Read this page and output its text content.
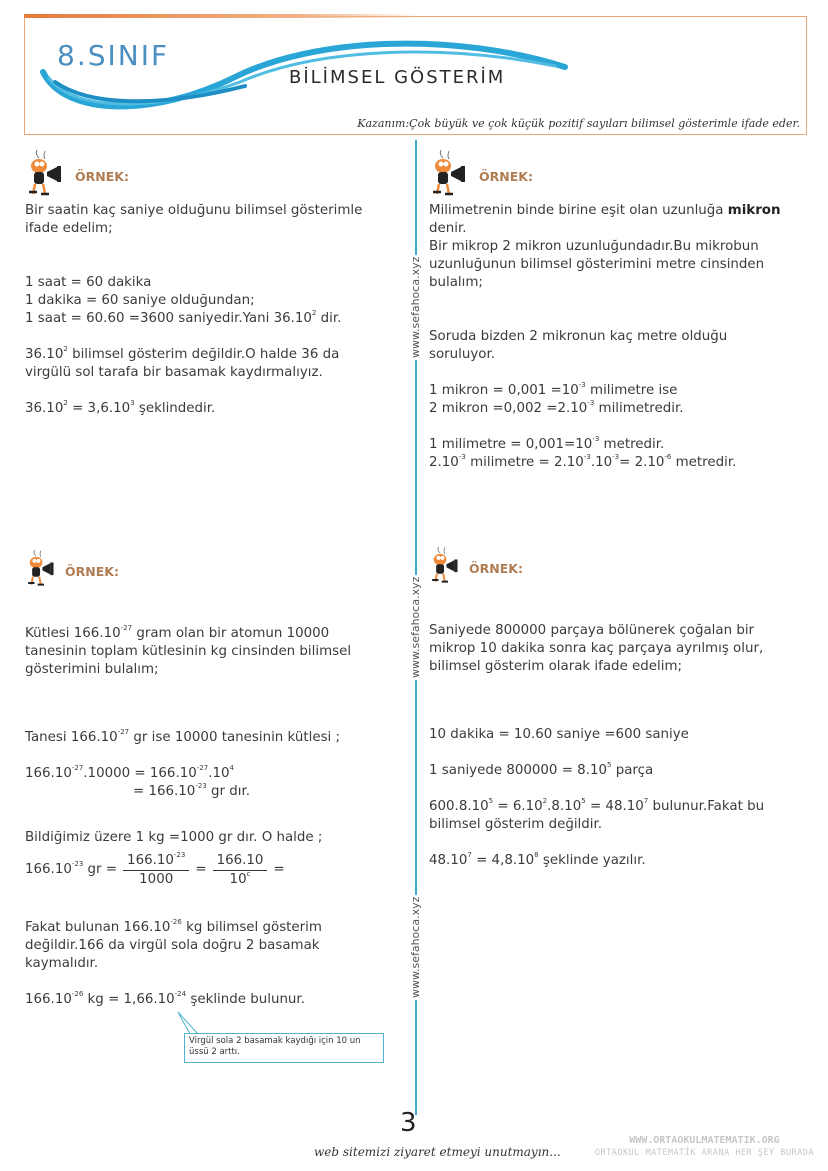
8.SINIF
BİLİMSEL GÖSTERİM
Kazanım:Çok büyük ve çok küçük pozitif sayıları bilimsel gösterimle ifade eder.
www.sefahoca.xyz
www.sefahoca.xyz
www.sefahoca.xyz
ÖRNEK:

Bir saatin kaç saniye olduğunu bilimsel gösterimle

ifade edelim;

1 saat = 60 dakika

1 dakika = 60 saniye olduğundan;

1 saat = 60.60 =3600 saniyedir.Yani 36.10$^2$ dir.

36.10$^2$ bilimsel gösterim değildir.O halde 36 da

virgülü sol tarafa bir basamak kaydırmalıyız.

$36.10^2 = 3,6.10^3$ şeklindedir.

ÖRNEK:

Milimetrenin binde birine eşit olan uzunluğa mikron

denir.

Bir mikrop 2 mikron uzunluğundadır.Bu mikrobun

uzunluğunun bilimsel gösterimini metre cinsinden

bulalım;

Soruda bizden 2 mikronun kaç metre olduğu

soruluyor.

1 mikron = $0,001 =10^{-3}$ milimetre ise

2 mikron $=0,002 =2.10^{-3}$ milimetredir.

1 milimetre = $0,001=10^{-3}$ metredir.

$2.10^{-3}$ milimetre = $2.10^{-3}.10^{-3}= 2.10^{-6}$ metredir.

ÖRNEK:

Kütlesi $166.10^{-27}$ gram olan bir atomun 10000

tanesinin toplam kütlesinin kg cinsinden bilimsel

gösterimini bulalım;

Tanesi $166.10^{-27}$ gr ise 10000 tanesinin kütlesi ;

$166.10^{-27}.10000 = 166.10^{-27}.10^4$

= $166.10^{-23}$ gr dır.

Bildiğimiz üzere 1 kg =1000 gr dır. O halde ;

$166.10^{-23}$ gr = $\frac{166.10^{-23}}{1000} = \frac{166.10}{10^c}$ =

Fakat bulunan $166.10^{-26}$ kg bilimsel gösterim

değildir.166 da virgül sola doğru 2 basamak

kaymalıdır.

$166.10^{-26}$ kg = $1,66.10^{-24}$ şeklinde bulunur.

Virgül sola 2 basamak kaydığı için 10 un üssü 2 arttı.
ÖRNEK:

Saniyede 800000 parçaya bölünerek çoğalan bir

mikrop 10 dakika sonra kaç parçaya ayrılmış olur,

bilimsel gösterim olarak ifade edelim;

10 dakika = 10.60 saniye =600 saniye

1 saniyede $800000 = 8.10^5$ parça

$600.8.10^5 = 6.10^2.8.10^5 = 48.10^7$ bulunur.Fakat bu

bilimsel gösterim değildir.

$48.10^7 = 4,8.10^8$ şeklinde yazılır.

3
web sitemizi ziyaret etmeyi unutmayın...
WWW.ORTAOKULMATEMATIK.ORG
ORTAOKUL MATEMATİK ARANA HER ŞEY BURADA
